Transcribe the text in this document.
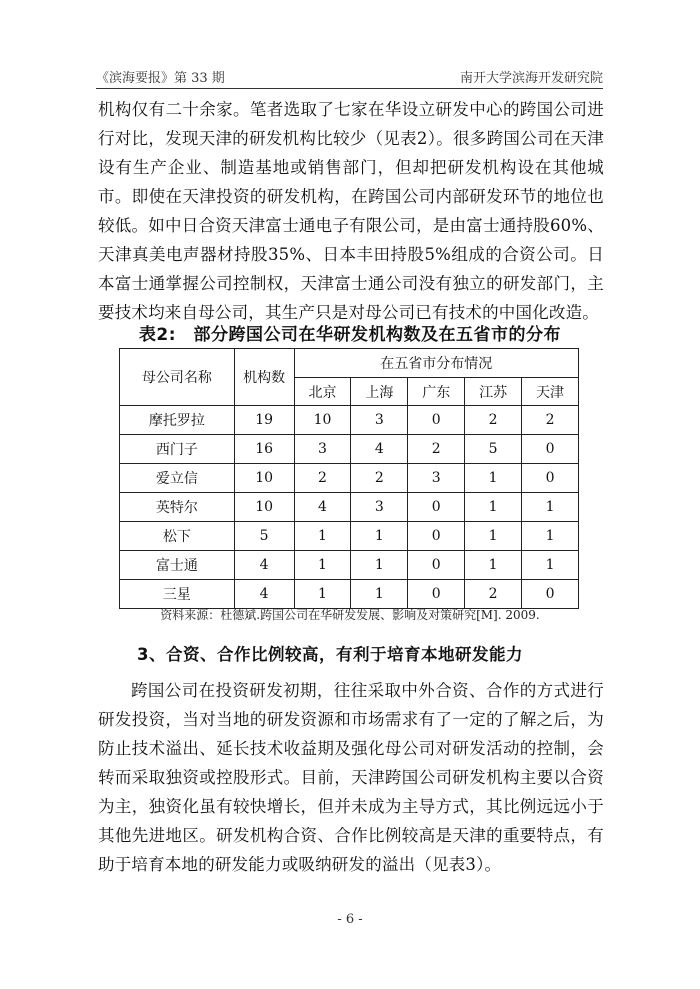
《滨海要报》第 33 期	南开大学滨海开发研究院

机构仅有二十余家。笔者选取了七家在华设立研发中心的跨国公司进行对比，发现天津的研发机构比较少（见表2）。很多跨国公司在天津设有生产企业、制造基地或销售部门，但却把研发机构设在其他城市。即使在天津投资的研发机构，在跨国公司内部研发环节的地位也较低。如中日合资天津富士通电子有限公司，是由富士通持股60%、天津真美电声器材持股35%、日本丰田持股5%组成的合资公司。日本富士通掌握公司控制权，天津富士通公司没有独立的研发部门，主要技术均来自母公司，其生产只是对母公司已有技术的中国化改造。

表2:　部分跨国公司在华研发机构数及在五省市的分布
母公司名称	机构数	在五省市分布情况				
		北京	上海	广东	江苏	天津
摩托罗拉	19	10	3	0	2	2
西门子	16	3	4	2	5	0
爱立信	10	2	2	3	1	0
英特尔	10	4	3	0	1	1
松下	5	1	1	0	1	1
富士通	4	1	1	0	1	1
三星	4	1	1	0	2	0
资料来源：杜德斌.跨国公司在华研发发展、影响及对策研究[M]. 2009.
3、合资、合作比例较高，有利于培育本地研发能力

跨国公司在投资研发初期，往往采取中外合资、合作的方式进行研发投资，当对当地的研发资源和市场需求有了一定的了解之后，为防止技术溢出、延长技术收益期及强化母公司对研发活动的控制，会转而采取独资或控股形式。目前，天津跨国公司研发机构主要以合资为主，独资化虽有较快增长，但并未成为主导方式，其比例远远小于其他先进地区。研发机构合资、合作比例较高是天津的重要特点，有助于培育本地的研发能力或吸纳研发的溢出（见表3）。

- 6 -
